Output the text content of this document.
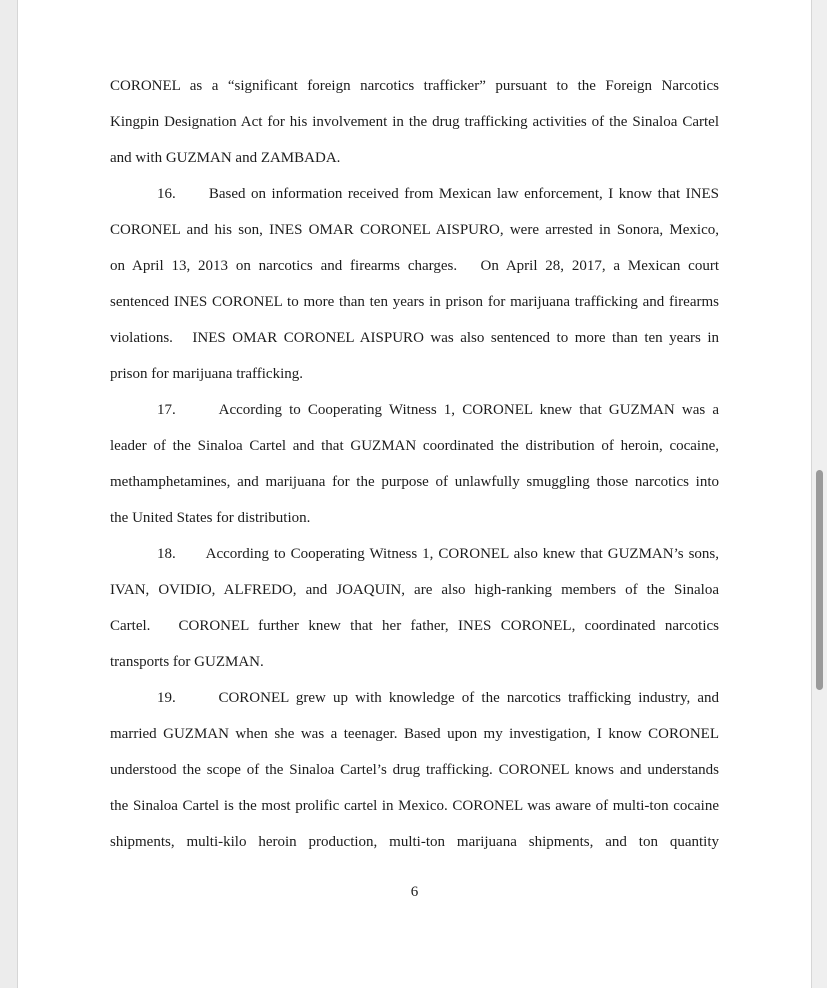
CORONEL as a “significant foreign narcotics trafficker” pursuant to the Foreign Narcotics
Kingpin Designation Act for his involvement in the drug trafficking activities of the Sinaloa Cartel
and with GUZMAN and ZAMBADA.
16.      Based on information received from Mexican law enforcement, I know that INES
CORONEL and his son, INES OMAR CORONEL AISPURO, were arrested in Sonora, Mexico,
on April 13, 2013 on narcotics and firearms charges.   On April 28, 2017, a Mexican court
sentenced INES CORONEL to more than ten years in prison for marijuana trafficking and firearms
violations.   INES OMAR CORONEL AISPURO was also sentenced to more than ten years in
prison for marijuana trafficking.
17.      According to Cooperating Witness 1, CORONEL knew that GUZMAN was a
leader of the Sinaloa Cartel and that GUZMAN coordinated the distribution of heroin, cocaine,
methamphetamines, and marijuana for the purpose of unlawfully smuggling those narcotics into
the United States for distribution.
18.      According to Cooperating Witness 1, CORONEL also knew that GUZMAN’s sons,
IVAN, OVIDIO, ALFREDO, and JOAQUIN, are also high-ranking members of the Sinaloa
Cartel.   CORONEL further knew that her father, INES CORONEL, coordinated narcotics
transports for GUZMAN.
19.      CORONEL grew up with knowledge of the narcotics trafficking industry, and
married GUZMAN when she was a teenager. Based upon my investigation, I know CORONEL
understood the scope of the Sinaloa Cartel’s drug trafficking. CORONEL knows and understands
the Sinaloa Cartel is the most prolific cartel in Mexico. CORONEL was aware of multi-ton cocaine
shipments, multi-kilo heroin production, multi-ton marijuana shipments, and ton quantity
6
